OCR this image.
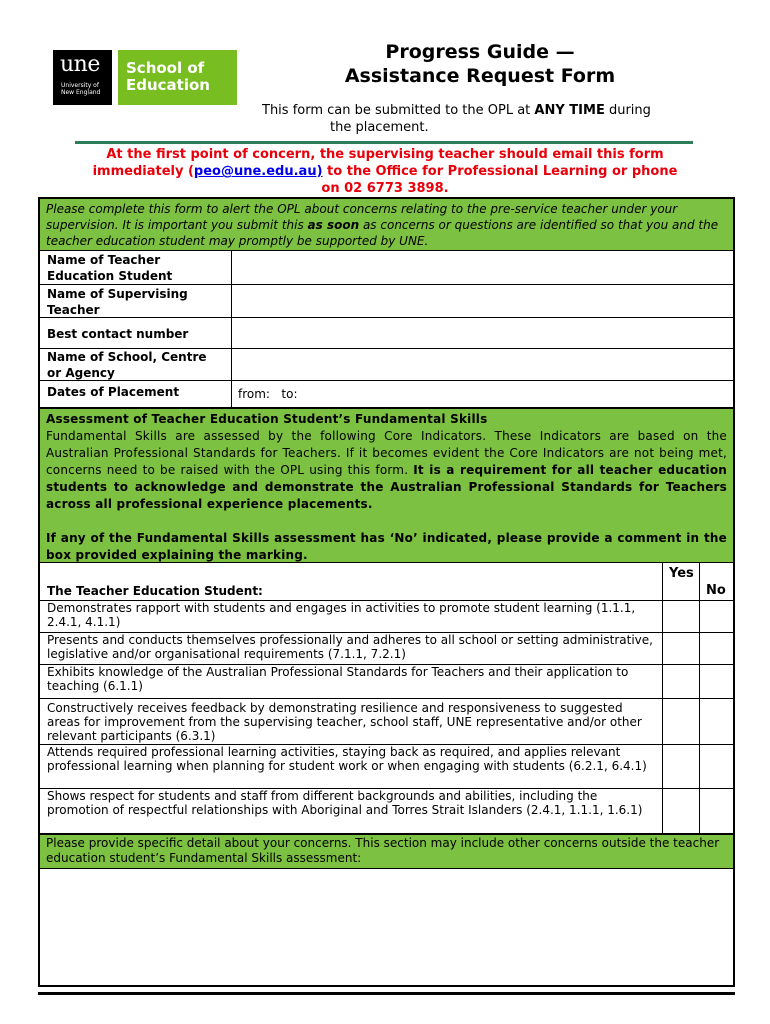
une
University of
New England
School of
Education
Progress Guide —
Assistance Request Form
This form can be submitted to the OPL at ANY TIME during
the placement.
At the first point of concern, the supervising teacher should email this form
immediately (peo@une.edu.au) to the Office for Professional Learning or phone
on 02 6773 3898.
Please complete this form to alert the OPL about concerns relating to the pre-service teacher under your supervision. It is important you submit this as soon as concerns or questions are identified so that you and the teacher education student may promptly be supported by UNE.
Name of Teacher Education Student
Name of Supervising Teacher
Best contact number
Name of School, Centre or Agency
Dates of Placement	from: to:
Assessment of Teacher Education Student’s Fundamental Skills
Fundamental Skills are assessed by the following Core Indicators. These Indicators are based on the Australian Professional Standards for Teachers. If it becomes evident the Core Indicators are not being met, concerns need to be raised with the OPL using this form. It is a requirement for all teacher education students to acknowledge and demonstrate the Australian Professional Standards for Teachers across all professional experience placements.
If any of the Fundamental Skills assessment has ‘No’ indicated, please provide a comment in the box provided explaining the marking.
The Teacher Education Student:
Yes
No
Demonstrates rapport with students and engages in activities to promote student learning (1.1.1, 2.4.1, 4.1.1)
Presents and conducts themselves professionally and adheres to all school or setting administrative, legislative and/or organisational requirements (7.1.1, 7.2.1)
Exhibits knowledge of the Australian Professional Standards for Teachers and their application to teaching (6.1.1)
Constructively receives feedback by demonstrating resilience and responsiveness to suggested areas for improvement from the supervising teacher, school staff, UNE representative and/or other relevant participants (6.3.1)
Attends required professional learning activities, staying back as required, and applies relevant professional learning when planning for student work or when engaging with students (6.2.1, 6.4.1)
Shows respect for students and staff from different backgrounds and abilities, including the promotion of respectful relationships with Aboriginal and Torres Strait Islanders (2.4.1, 1.1.1, 1.6.1)
Please provide specific detail about your concerns. This section may include other concerns outside the teacher education student’s Fundamental Skills assessment:
